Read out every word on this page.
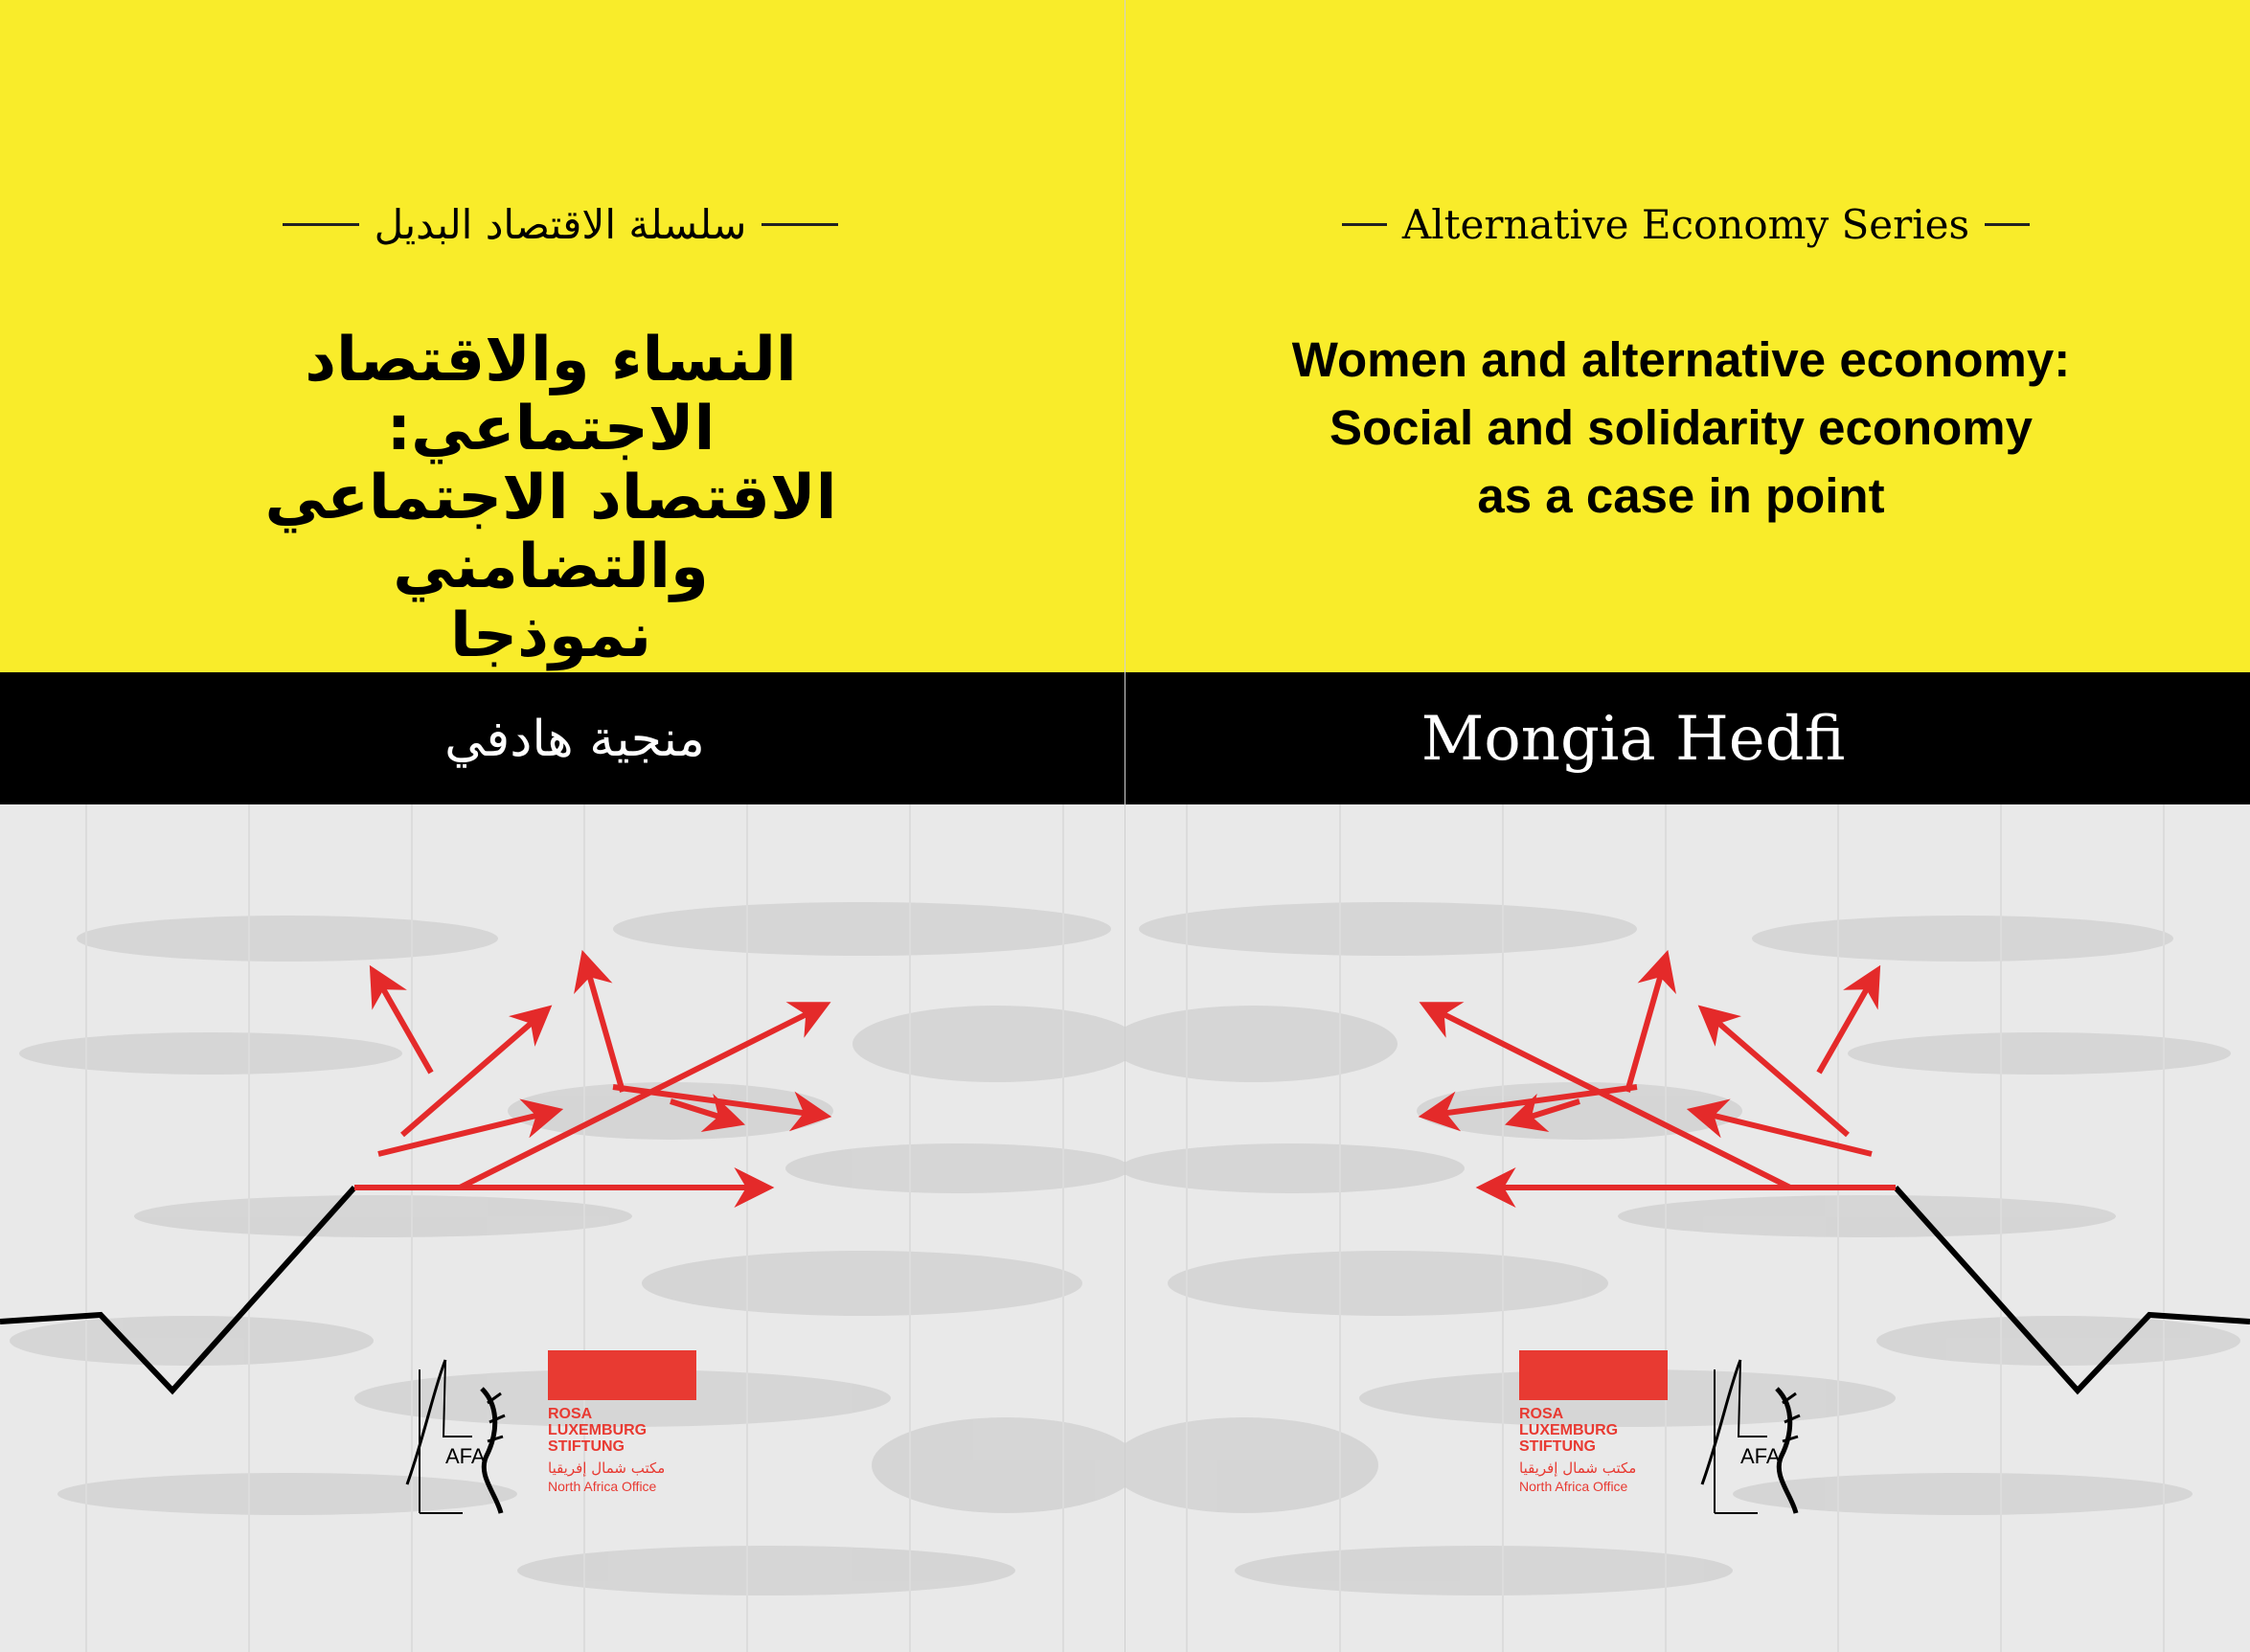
سلسلة الاقتصاد البديل
النساء والاقتصاد الاجتماعي:
الاقتصاد الاجتماعي والتضامني
نموذجا
منجية هادفي
AFA
ROSA
LUXEMBURG
STIFTUNG
مكتب شمال إفريقيا
North Africa Office
Alternative Economy Series
Women and alternative economy:
Social and solidarity economy
as a case in point
Mongia Hedfi
ROSA
LUXEMBURG
STIFTUNG
مكتب شمال إفريقيا
North Africa Office
AFA
